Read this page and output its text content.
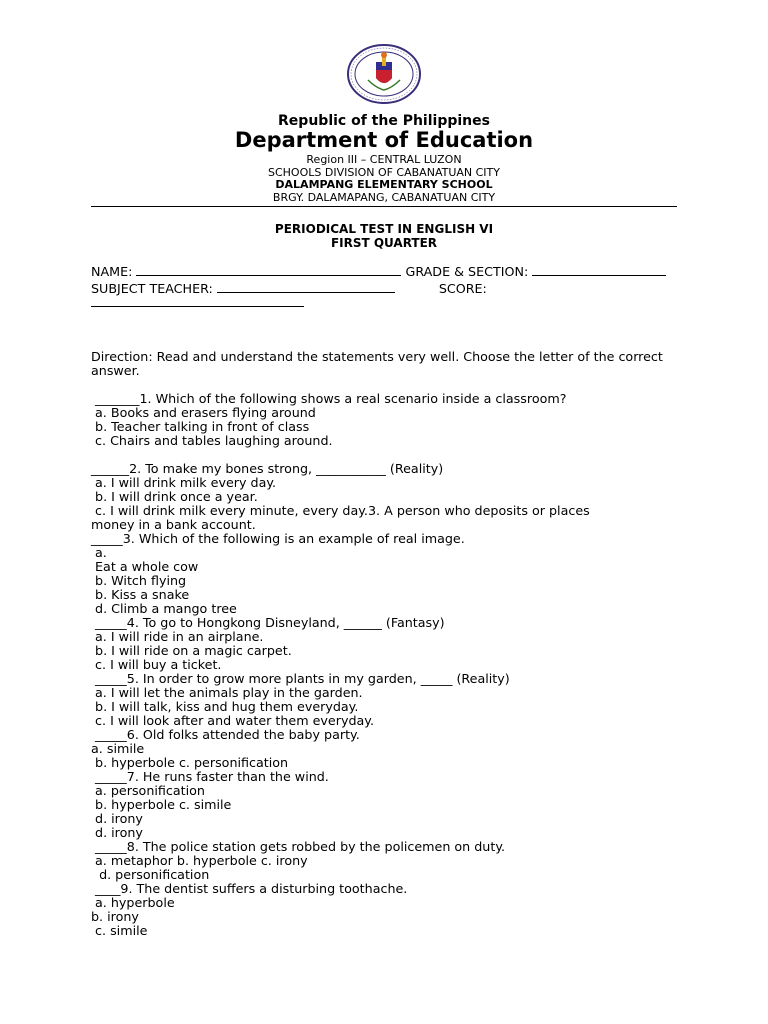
Republic of the Philippines
Department of Education
Region III – CENTRAL LUZON
SCHOOLS DIVISION OF CABANATUAN CITY
DALAMPANG ELEMENTARY SCHOOL
BRGY. DALAMAPANG, CABANATUAN CITY
PERIODICAL TEST IN ENGLISH VI
FIRST QUARTER
NAME:	GRADE & SECTION:
SUBJECT TEACHER:	SCORE:
Direction: Read and understand the statements very well. Choose the letter of the correct
answer.
_______1. Which of the following shows a real scenario inside a classroom?
a. Books and erasers flying around
b. Teacher talking in front of class
c. Chairs and tables laughing around.
______2. To make my bones strong, ___________ (Reality)
a. I will drink milk every day.
b. I will drink once a year.
c. I will drink milk every minute, every day.3. A person who deposits or places
money in a bank account.
_____3. Which of the following is an example of real image.
a.
Eat a whole cow
b. Witch flying
b. Kiss a snake
d. Climb a mango tree
_____4. To go to Hongkong Disneyland, ______ (Fantasy)
a. I will ride in an airplane.
b. I will ride on a magic carpet.
c. I will buy a ticket.
_____5. In order to grow more plants in my garden, _____ (Reality)
a. I will let the animals play in the garden.
b. I will talk, kiss and hug them everyday.
c. I will look after and water them everyday.
_____6. Old folks attended the baby party.
a. simile
b. hyperbole c. personification
_____7. He runs faster than the wind.
a. personification
b. hyperbole c. simile
d. irony
d. irony
_____8. The police station gets robbed by the policemen on duty.
a. metaphor b. hyperbole c. irony
d. personification
____9. The dentist suffers a disturbing toothache.
a. hyperbole
b. irony
c. simile
